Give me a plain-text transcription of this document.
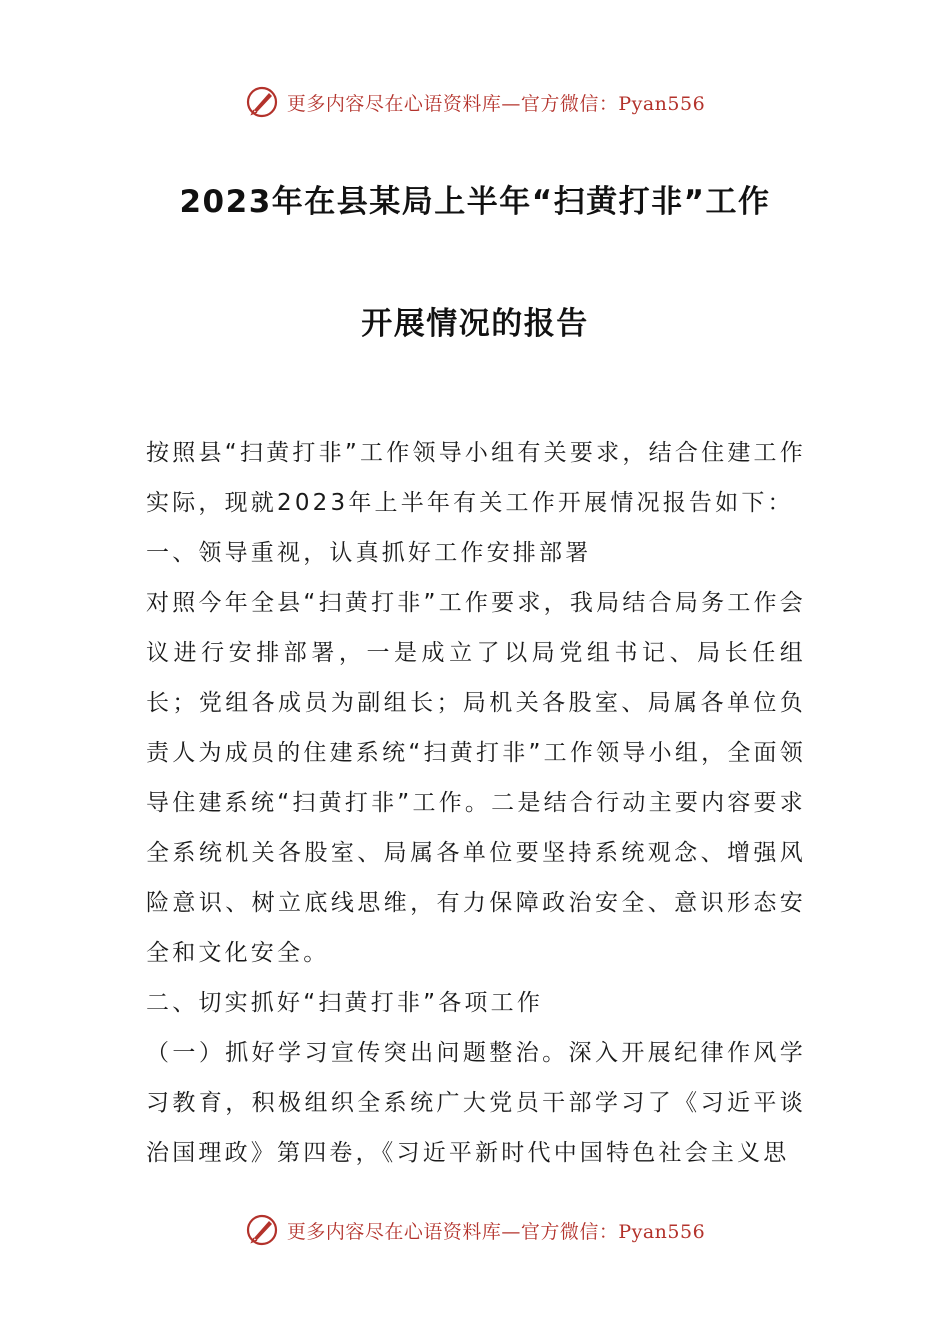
更多内容尽在心语资料库—官方微信：Pyan556
2023年在县某局上半年“扫黄打非”工作
开展情况的报告

按照县“扫黄打非”工作领导小组有关要求，结合住建工作实际，现就2023年上半年有关工作开展情况报告如下：

一、领导重视，认真抓好工作安排部署

对照今年全县“扫黄打非”工作要求，我局结合局务工作会议进行安排部署，一是成立了以局党组书记、局长任组长；党组各成员为副组长；局机关各股室、局属各单位负责人为成员的住建系统“扫黄打非”工作领导小组，全面领导住建系统“扫黄打非”工作。二是结合行动主要内容要求全系统机关各股室、局属各单位要坚持系统观念、增强风险意识、树立底线思维，有力保障政治安全、意识形态安全和文化安全。

二、切实抓好“扫黄打非”各项工作

（一）抓好学习宣传突出问题整治。深入开展纪律作风学习教育，积极组织全系统广大党员干部学习了《习近平谈治国理政》第四卷，《习近平新时代中国特色社会主义思

更多内容尽在心语资料库—官方微信：Pyan556
